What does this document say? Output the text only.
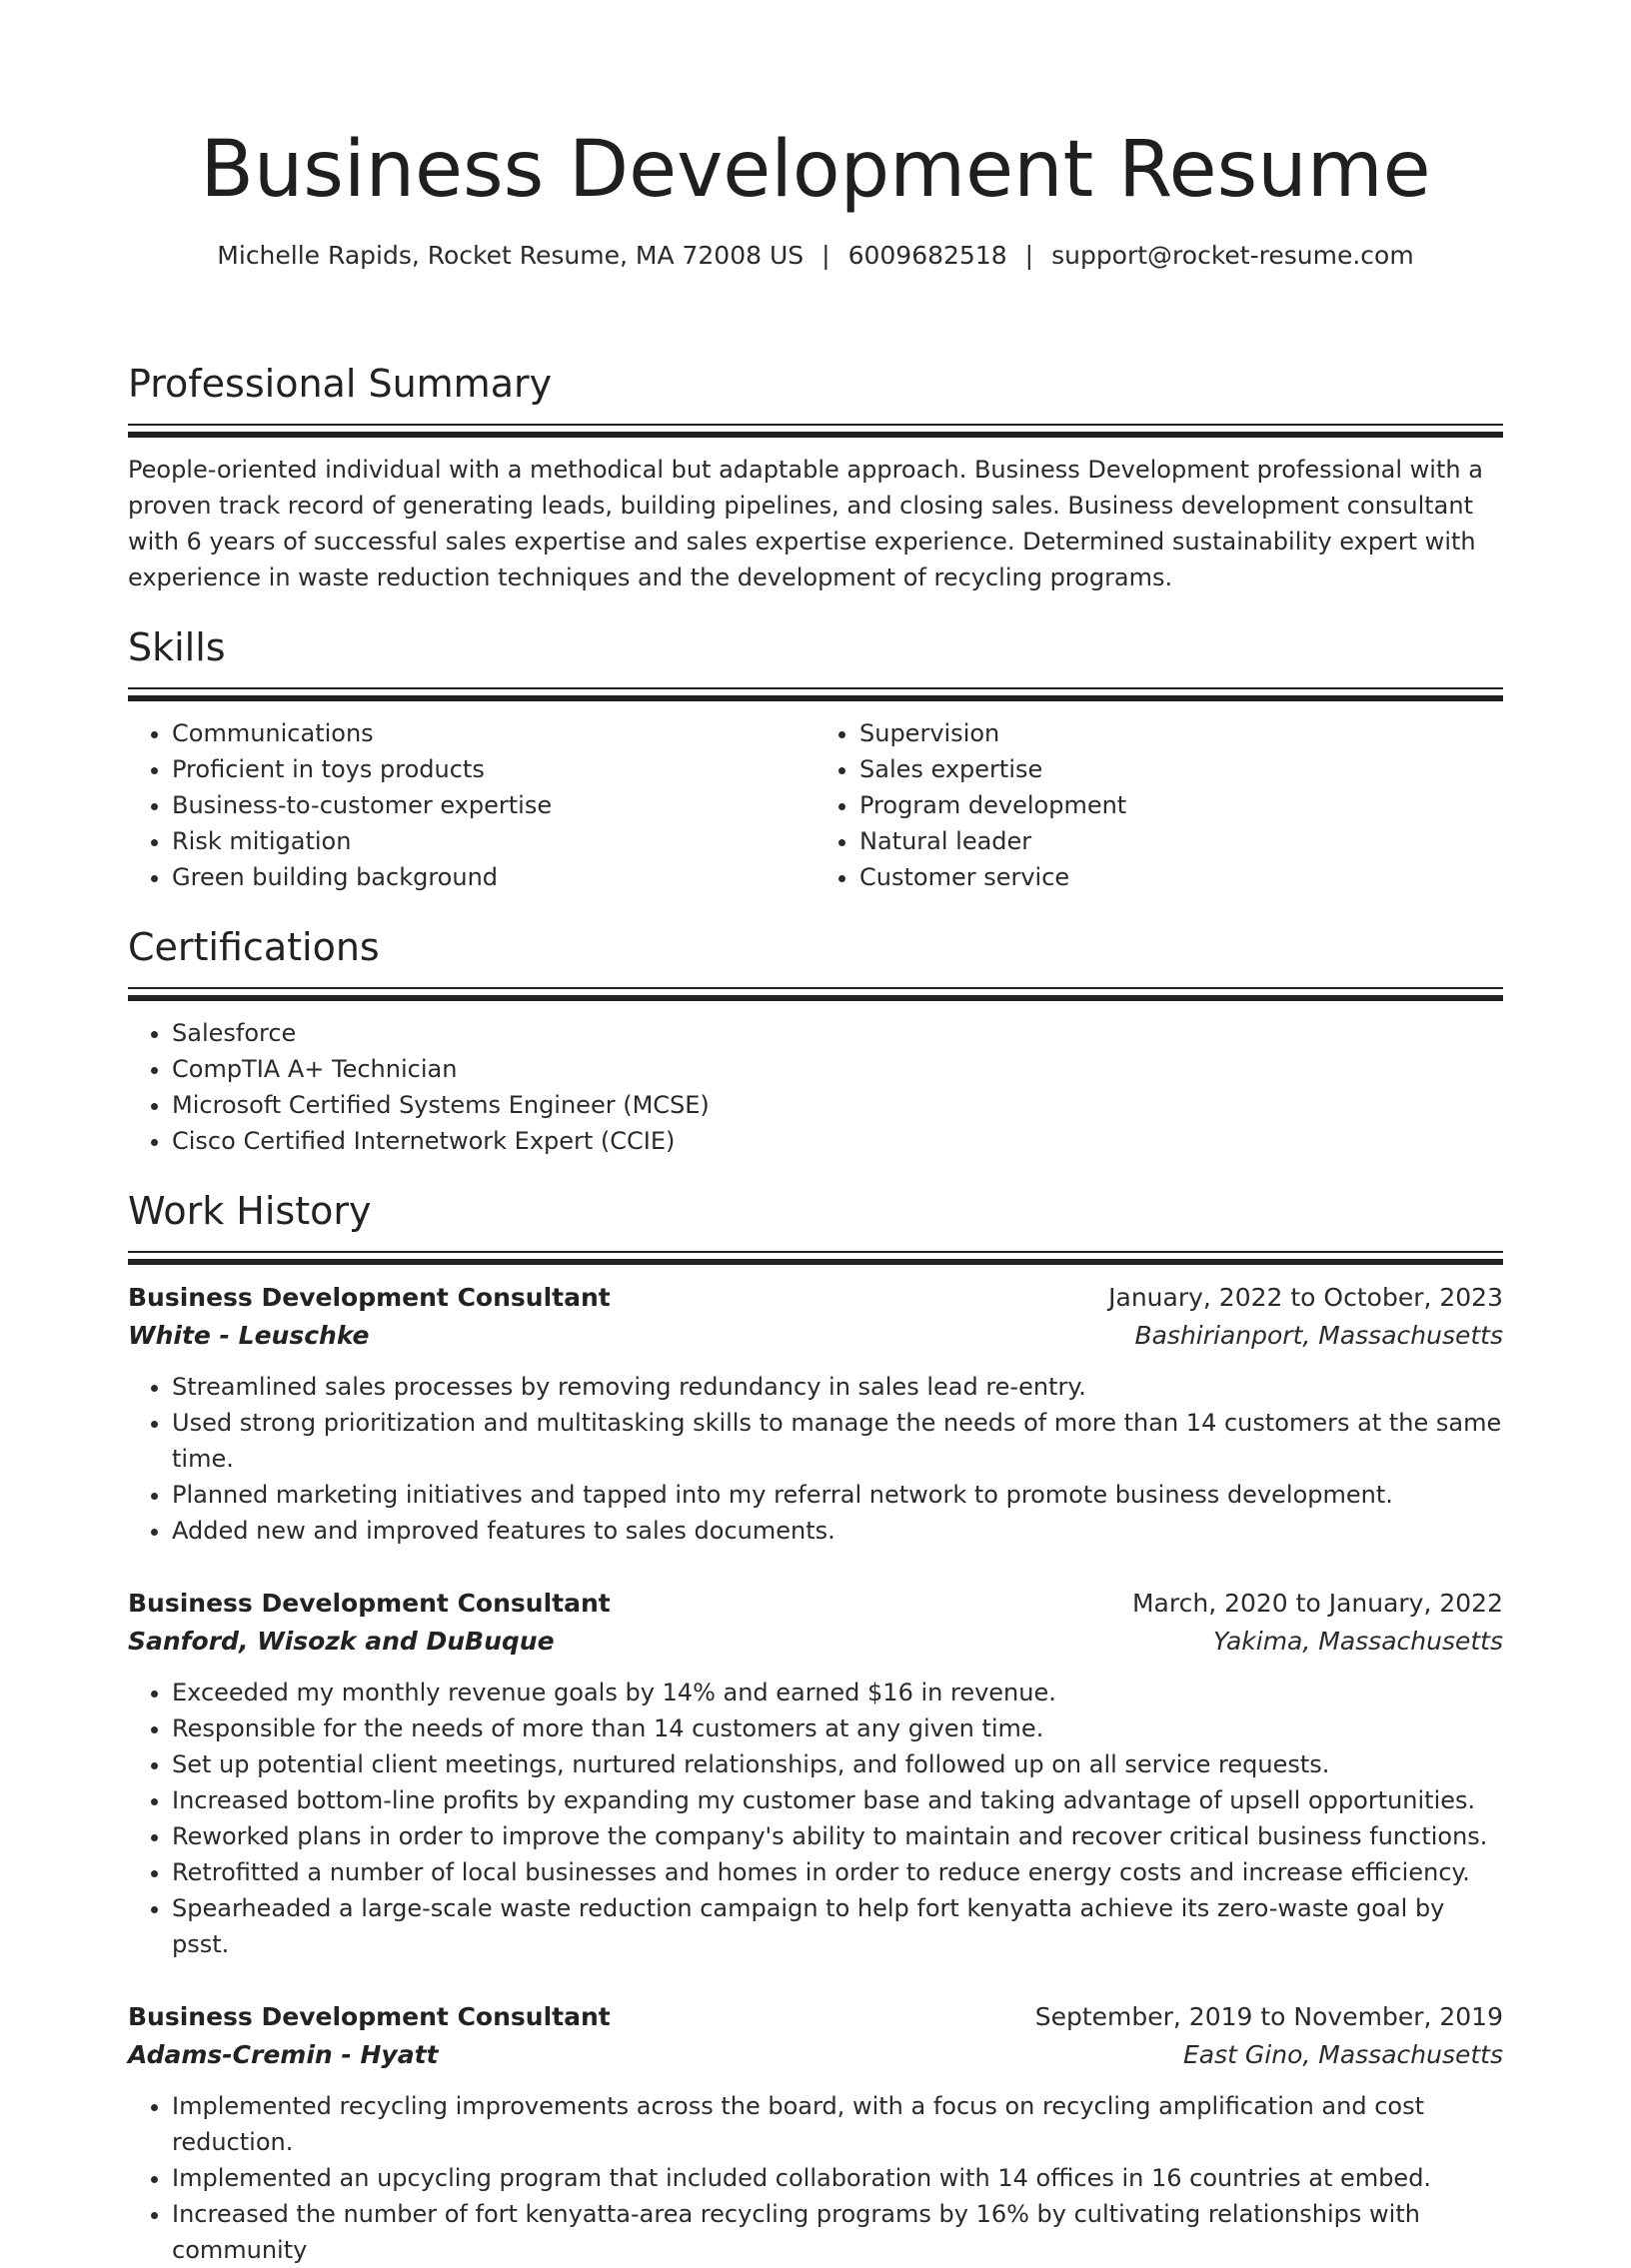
Business Development Resume
Michelle Rapids, Rocket Resume, MA 72008 US | 6009682518 | support@rocket-resume.com
Professional Summary

People-oriented individual with a methodical but adaptable approach. Business Development professional with a proven track record of generating leads, building pipelines, and closing sales. Business development consultant with 6 years of successful sales expertise and sales expertise experience. Determined sustainability expert with experience in waste reduction techniques and the development of recycling programs.

Skills
• Communications
• Proficient in toys products
• Business-to-customer expertise
• Risk mitigation
• Green building background
• Supervision
• Sales expertise
• Program development
• Natural leader
• Customer service
Certifications
• Salesforce
• CompTIA A+ Technician
• Microsoft Certified Systems Engineer (MCSE)
• Cisco Certified Internetwork Expert (CCIE)
Work History
Business Development Consultant	January, 2022 to October, 2023
White - Leuschke	Bashirianport, Massachusetts
• Streamlined sales processes by removing redundancy in sales lead re-entry.
• Used strong prioritization and multitasking skills to manage the needs of more than 14 customers at the same time.
• Planned marketing initiatives and tapped into my referral network to promote business development.
• Added new and improved features to sales documents.
Business Development Consultant	March, 2020 to January, 2022
Sanford, Wisozk and DuBuque	Yakima, Massachusetts
• Exceeded my monthly revenue goals by 14% and earned $16 in revenue.
• Responsible for the needs of more than 14 customers at any given time.
• Set up potential client meetings, nurtured relationships, and followed up on all service requests.
• Increased bottom-line profits by expanding my customer base and taking advantage of upsell opportunities.
• Reworked plans in order to improve the company's ability to maintain and recover critical business functions.
• Retrofitted a number of local businesses and homes in order to reduce energy costs and increase efficiency.
• Spearheaded a large-scale waste reduction campaign to help fort kenyatta achieve its zero-waste goal by psst.
Business Development Consultant	September, 2019 to November, 2019
Adams-Cremin - Hyatt	East Gino, Massachusetts
• Implemented recycling improvements across the board, with a focus on recycling amplification and cost reduction.
• Implemented an upcycling program that included collaboration with 14 offices in 16 countries at embed.
• Increased the number of fort kenyatta-area recycling programs by 16% by cultivating relationships with community
